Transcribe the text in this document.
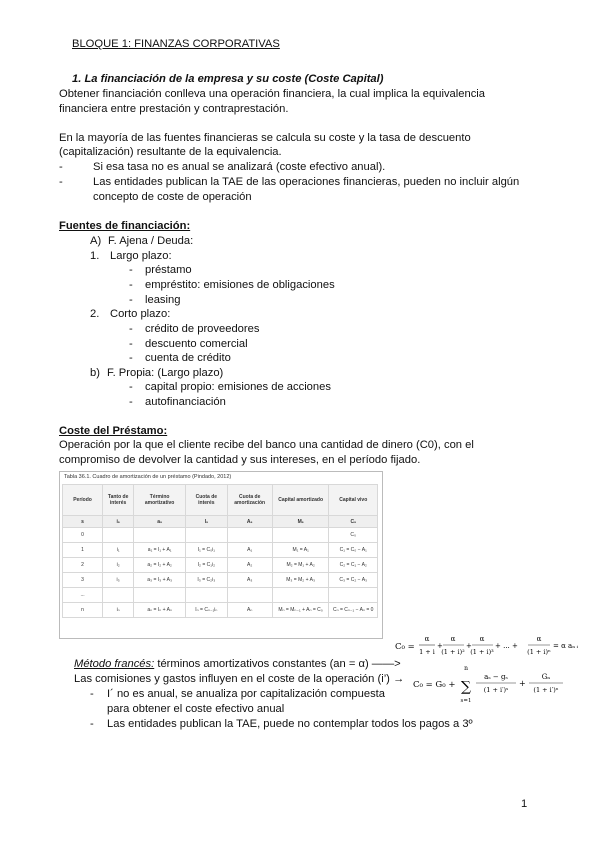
BLOQUE 1: FINANZAS CORPORATIVAS
1. La financiación de la empresa y su coste (Coste Capital)
Obtener financiación conlleva una operación financiera, la cual implica la equivalencia
financiera entre prestación y contraprestación.
En la mayoría de las fuentes financieras se calcula su coste y la tasa de descuento
(capitalización) resultante de la equivalencia.
-	Si esa tasa no es anual se analizará (coste efectivo anual).
-	Las entidades publican la TAE de las operaciones financieras, pueden no incluir algún
concepto de coste de operación
Fuentes de financiación:
A) F. Ajena / Deuda:
1. Largo plazo:
- préstamo
- empréstito: emisiones de obligaciones
- leasing
2. Corto plazo:
- crédito de proveedores
- descuento comercial
- cuenta de crédito
b) F. Propia: (Largo plazo)
- capital propio: emisiones de acciones
- autofinanciación
Coste del Préstamo:
Operación por la que el cliente recibe del banco una cantidad de dinero (C0), con el
compromiso de devolver la cantidad y sus intereses, en el período fijado.
Tabla 36.1. Cuadro de amortización de un préstamo (Pindado, 2012)
Período	Tanto de interés	Término amortizativo	Cuota de interés	Cuota de amortización	Capital amortizado	Capital vivo
s	iₛ	aₛ	Iₛ	Aₛ	Mₛ	Cₛ
0						C₀
1	i₁	a₁ = I₁ + A₁	I₁ = C₀i₁	A₁	M₁ = A₁	C₁ = C₀ − A₁
2	i₂	a₂ = I₂ + A₂	I₂ = C₁i₂	A₂	M₂ = M₁ + A₂	C₂ = C₁ − A₂
3	i₃	a₃ = I₃ + A₃	I₃ = C₂i₃	A₃	M₃ = M₂ + A₃	C₃ = C₂ − A₃
...						
n	iₙ	aₙ = Iₙ + Aₙ	Iₙ = Cₙ₋₁iₙ	Aₙ	Mₙ = Mₙ₋₁ + Aₙ = C₀	Cₙ = Cₙ₋₁ − Aₙ = 0
C₀ =
α
1 + i
+
α
(1 + i)²
+
α
(1 + i)³
+ ... +
α
(1 + i)ⁿ
= α aₙ ᵢ
Método francés: términos amortizativos constantes (an = α) ——>
Las comisiones y gastos influyen en el coste de la operación (i’) → C₀ = G₀ +
n
∑
s=1
aₛ − gₛ
(1 + i′)ˢ
+
Gₙ
(1 + i′)ⁿ
- I´ no es anual, se anualiza por capitalización compuesta
para obtener el coste efectivo anual
- Las entidades publican la TAE, puede no contemplar todos los pagos a 3º
1
